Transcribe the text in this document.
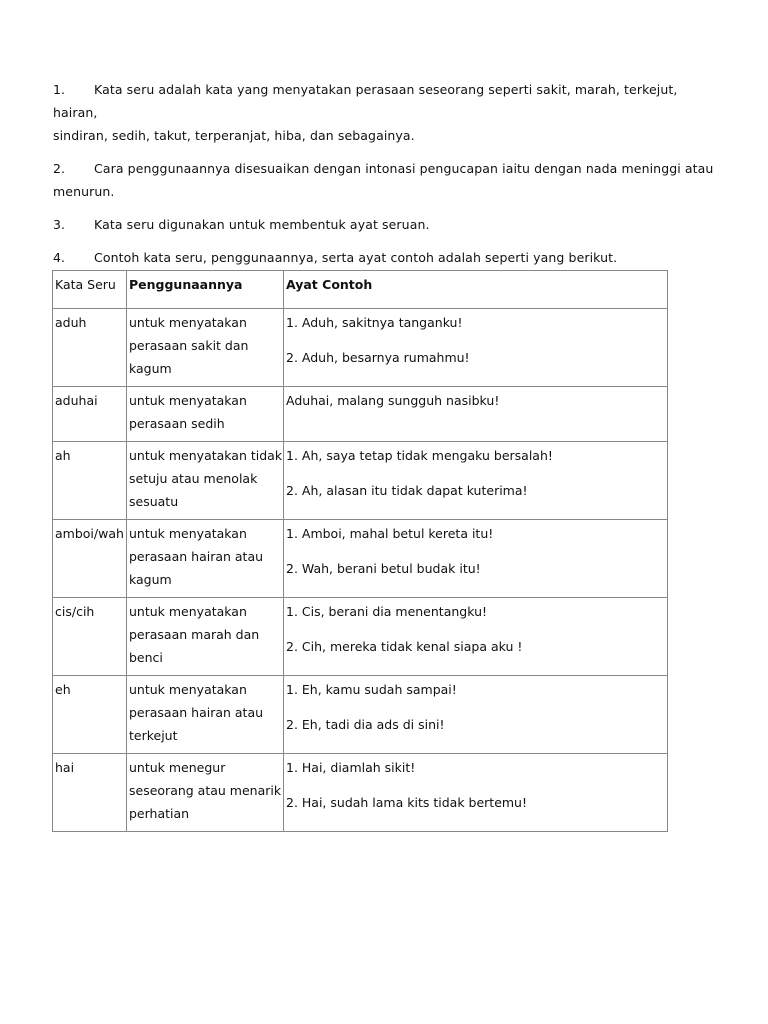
1. Kata seru adalah kata yang menyatakan perasaan seseorang seperti sakit, marah, terkejut, hairan,
sindiran, sedih, takut, terperanjat, hiba, dan sebagainya.

2. Cara penggunaannya disesuaikan dengan intonasi pengucapan iaitu dengan nada meninggi atau
menurun.

3. Kata seru digunakan untuk membentuk ayat seruan.

4. Contoh kata seru, penggunaannya, serta ayat contoh adalah seperti yang berikut.

Kata Seru	Penggunaannya	Ayat Contoh
aduh	untuk menyatakan
perasaan sakit dan
kagum	1. Aduh, sakitnya tanganku!
2. Aduh, besarnya rumahmu!

aduhai	untuk menyatakan
perasaan sedih	Aduhai, malang sungguh nasibku!

ah	untuk menyatakan tidak
setuju atau menolak
sesuatu	1. Ah, saya tetap tidak mengaku bersalah!
2. Ah, alasan itu tidak dapat kuterima!

amboi/wah	untuk menyatakan
perasaan hairan atau
kagum	1. Amboi, mahal betul kereta itu!
2. Wah, berani betul budak itu!

cis/cih	untuk menyatakan
perasaan marah dan
benci	1. Cis, berani dia menentangku!
2. Cih, mereka tidak kenal siapa aku !

eh	untuk menyatakan
perasaan hairan atau
terkejut	1. Eh, kamu sudah sampai!
2. Eh, tadi dia ads di sini!

hai	untuk menegur
seseorang atau menarik
perhatian	1. Hai, diamlah sikit!
2. Hai, sudah lama kits tidak bertemu!
